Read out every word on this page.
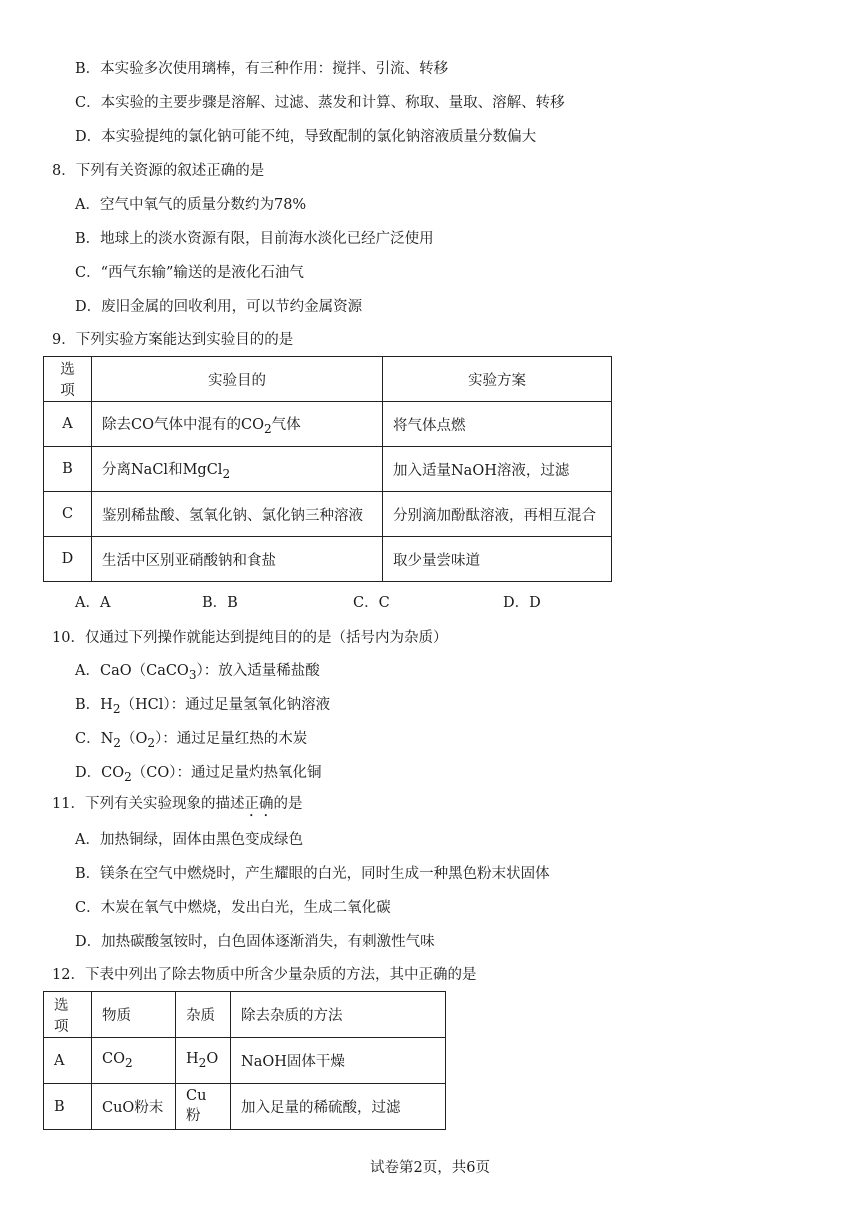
B．本实验多次使用璃棒，有三种作用：搅拌、引流、转移
C．本实验的主要步骤是溶解、过滤、蒸发和计算、称取、量取、溶解、转移
D．本实验提纯的氯化钠可能不纯，导致配制的氯化钠溶液质量分数偏大
8．下列有关资源的叙述正确的是
A．空气中氧气的质量分数约为78%
B．地球上的淡水资源有限，目前海水淡化已经广泛使用
C．“西气东输”输送的是液化石油气
D．废旧金属的回收利用，可以节约金属资源
9．下列实验方案能达到实验目的的是
选项	实验目的	实验方案
A	除去CO气体中混有的$CO_2$气体	将气体点燃
B	分离NaCl和MgCl$_2$	加入适量NaOH溶液，过滤
C	鉴别稀盐酸、氢氧化钠、氯化钠三种溶液	分别滴加酚酞溶液，再相互混合
D	生活中区别亚硝酸钠和食盐	取少量尝味道
A．A	B．B	C．C	D．D
10．仅通过下列操作就能达到提纯目的的是（括号内为杂质）
A．CaO（CaCO$_3$）：放入适量稀盐酸
B．$H_2(HCl)$：通过足量氢氧化钠溶液
C．$N_2(O_2)$：通过足量红热的木炭
D．$CO_2(CO)$：通过足量灼热氧化铜
11．下列有关实验现象的描述正确的是
A．加热铜绿，固体由黑色变成绿色
B．镁条在空气中燃烧时，产生耀眼的白光，同时生成一种黑色粉末状固体
C．木炭在氧气中燃烧，发出白光，生成二氧化碳
D．加热碳酸氢铵时，白色固体逐渐消失，有刺激性气味
12．下表中列出了除去物质中所含少量杂质的方法，其中正确的是
选项	物质	杂质	除去杂质的方法
A	$CO_2$	$H_2O$	NaOH固体干燥
B	CuO粉末	Cu粉	加入足量的稀硫酸，过滤
试卷第2页，共6页
